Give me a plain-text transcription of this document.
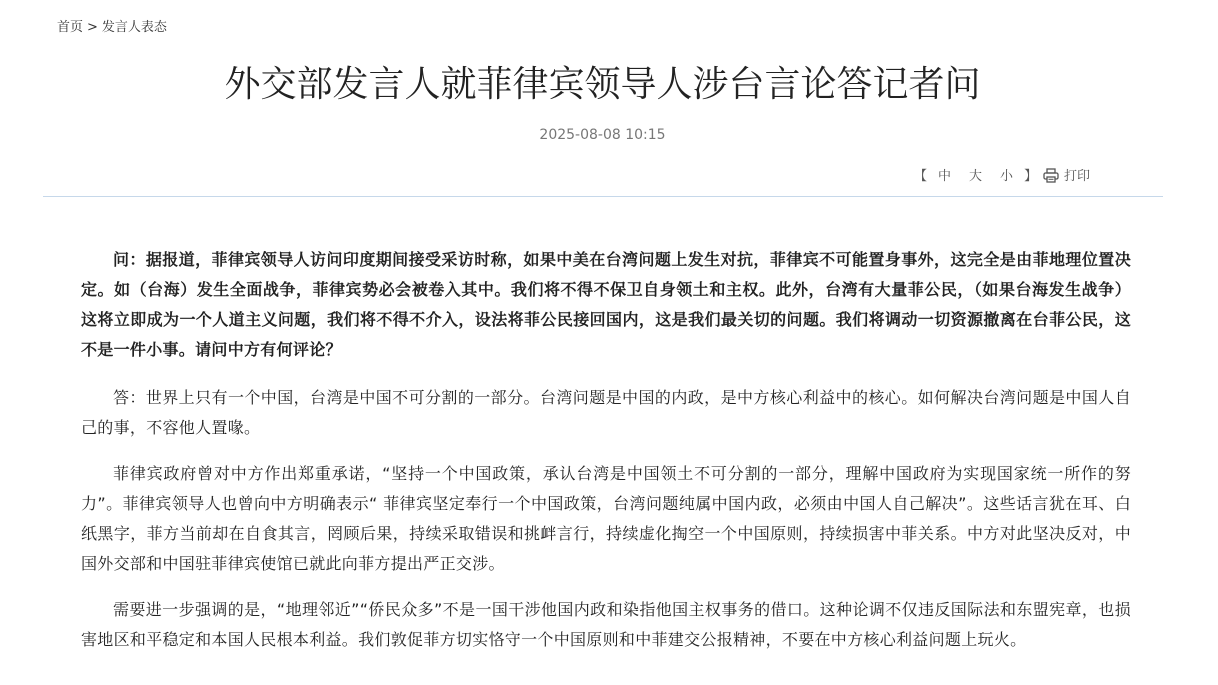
首页 > 发言人表态
外交部发言人就菲律宾领导人涉台言论答记者问
2025-08-08 10:15
【 中 大 小 】	打印

问：据报道，菲律宾领导人访问印度期间接受采访时称，如果中美在台湾问题上发生对抗，菲律宾不可能置身事外，这完全是由菲地理位置决定。如（台海）发生全面战争，菲律宾势必会被卷入其中。我们将不得不保卫自身领土和主权。此外，台湾有大量菲公民，（如果台海发生战争）这将立即成为一个人道主义问题，我们将不得不介入，设法将菲公民接回国内，这是我们最关切的问题。我们将调动一切资源撤离在台菲公民，这不是一件小事。请问中方有何评论？

答：世界上只有一个中国，台湾是中国不可分割的一部分。台湾问题是中国的内政，是中方核心利益中的核心。如何解决台湾问题是中国人自己的事，不容他人置喙。

菲律宾政府曾对中方作出郑重承诺，“坚持一个中国政策，承认台湾是中国领土不可分割的一部分，理解中国政府为实现国家统一所作的努力”。菲律宾领导人也曾向中方明确表示“ 菲律宾坚定奉行一个中国政策，台湾问题纯属中国内政，必须由中国人自己解决”。这些话言犹在耳、白纸黑字，菲方当前却在自食其言，罔顾后果，持续采取错误和挑衅言行，持续虚化掏空一个中国原则，持续损害中菲关系。中方对此坚决反对，中国外交部和中国驻菲律宾使馆已就此向菲方提出严正交涉。

需要进一步强调的是，“地理邻近”“侨民众多”不是一国干涉他国内政和染指他国主权事务的借口。这种论调不仅违反国际法和东盟宪章，也损害地区和平稳定和本国人民根本利益。我们敦促菲方切实恪守一个中国原则和中菲建交公报精神，不要在中方核心利益问题上玩火。
